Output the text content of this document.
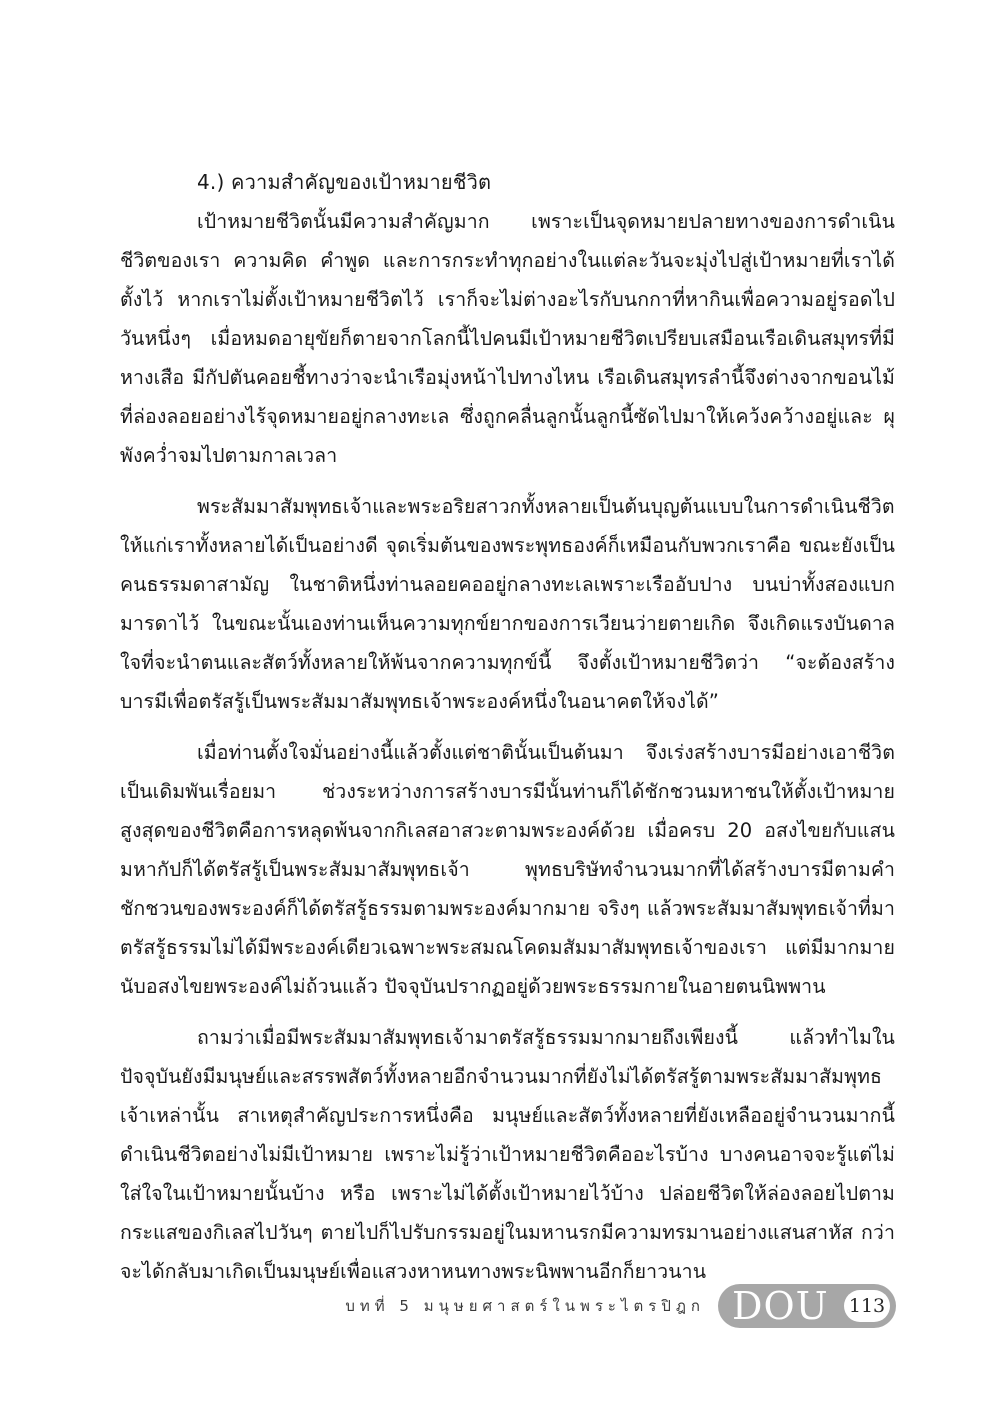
4.) ความสำคัญของเป้าหมายชีวิต

เป้าหมายชีวิตนั้นมีความสำคัญมาก เพราะเป็นจุดหมายปลายทางของการดำเนินชีวิตของเรา ความคิด คำพูด และการกระทำทุกอย่างในแต่ละวันจะมุ่งไปสู่เป้าหมายที่เราได้ตั้งไว้ หากเราไม่ตั้งเป้าหมายชีวิตไว้ เราก็จะไม่ต่างอะไรกับนกกาที่หากินเพื่อความอยู่รอดไปวันหนึ่งๆ เมื่อหมดอายุขัยก็ตายจากโลกนี้ไปคนมีเป้าหมายชีวิตเปรียบเสมือนเรือเดินสมุทรที่มีหางเสือ มีกัปตันคอยชี้ทางว่าจะนำเรือมุ่งหน้าไปทางไหน เรือเดินสมุทรลำนี้จึงต่างจากขอนไม้ที่ล่องลอยอย่างไร้จุดหมายอยู่กลางทะเล ซึ่งถูกคลื่นลูกนั้นลูกนี้ซัดไปมาให้เคว้งคว้างอยู่และ ผุพังคว่ำจมไปตามกาลเวลา

พระสัมมาสัมพุทธเจ้าและพระอริยสาวกทั้งหลายเป็นต้นบุญต้นแบบในการดำเนินชีวิตให้แก่เราทั้งหลายได้เป็นอย่างดี จุดเริ่มต้นของพระพุทธองค์ก็เหมือนกับพวกเราคือ ขณะยังเป็นคนธรรมดาสามัญ ในชาติหนึ่งท่านลอยคออยู่กลางทะเลเพราะเรืออับปาง บนบ่าทั้งสองแบกมารดาไว้ ในขณะนั้นเองท่านเห็นความทุกข์ยากของการเวียนว่ายตายเกิด จึงเกิดแรงบันดาลใจที่จะนำตนและสัตว์ทั้งหลายให้พ้นจากความทุกข์นี้ จึงตั้งเป้าหมายชีวิตว่า “จะต้องสร้างบารมีเพื่อตรัสรู้เป็นพระสัมมาสัมพุทธเจ้าพระองค์หนึ่งในอนาคตให้จงได้”

เมื่อท่านตั้งใจมั่นอย่างนี้แล้วตั้งแต่ชาตินั้นเป็นต้นมา จึงเร่งสร้างบารมีอย่างเอาชีวิตเป็นเดิมพันเรื่อยมา ช่วงระหว่างการสร้างบารมีนั้นท่านก็ได้ชักชวนมหาชนให้ตั้งเป้าหมายสูงสุดของชีวิตคือการหลุดพ้นจากกิเลสอาสวะตามพระองค์ด้วย เมื่อครบ 20 อสงไขยกับแสนมหากัปก็ได้ตรัสรู้เป็นพระสัมมาสัมพุทธเจ้า พุทธบริษัทจำนวนมากที่ได้สร้างบารมีตามคำชักชวนของพระองค์ก็ได้ตรัสรู้ธรรมตามพระองค์มากมาย จริงๆ แล้วพระสัมมาสัมพุทธเจ้าที่มาตรัสรู้ธรรมไม่ได้มีพระองค์เดียวเฉพาะพระสมณโคดมสัมมาสัมพุทธเจ้าของเรา แต่มีมากมายนับอสงไขยพระองค์ไม่ถ้วนแล้ว ปัจจุบันปรากฏอยู่ด้วยพระธรรมกายในอายตนนิพพาน

ถามว่าเมื่อมีพระสัมมาสัมพุทธเจ้ามาตรัสรู้ธรรมมากมายถึงเพียงนี้ แล้วทำไมในปัจจุบันยังมีมนุษย์และสรรพสัตว์ทั้งหลายอีกจำนวนมากที่ยังไม่ได้ตรัสรู้ตามพระสัมมาสัมพุทธเจ้าเหล่านั้น สาเหตุสำคัญประการหนึ่งคือ มนุษย์และสัตว์ทั้งหลายที่ยังเหลืออยู่จำนวนมากนี้ดำเนินชีวิตอย่างไม่มีเป้าหมาย เพราะไม่รู้ว่าเป้าหมายชีวิตคืออะไรบ้าง บางคนอาจจะรู้แต่ไม่ใส่ใจในเป้าหมายนั้นบ้าง หรือ เพราะไม่ได้ตั้งเป้าหมายไว้บ้าง ปล่อยชีวิตให้ล่องลอยไปตามกระแสของกิเลสไปวันๆ ตายไปก็ไปรับกรรมอยู่ในมหานรกมีความทรมานอย่างแสนสาหัส กว่าจะได้กลับมาเกิดเป็นมนุษย์เพื่อแสวงหาหนทางพระนิพพานอีกก็ยาวนาน

บทที่ 5 มนุษยศาสตร์ในพระไตรปิฎก DOU 113
